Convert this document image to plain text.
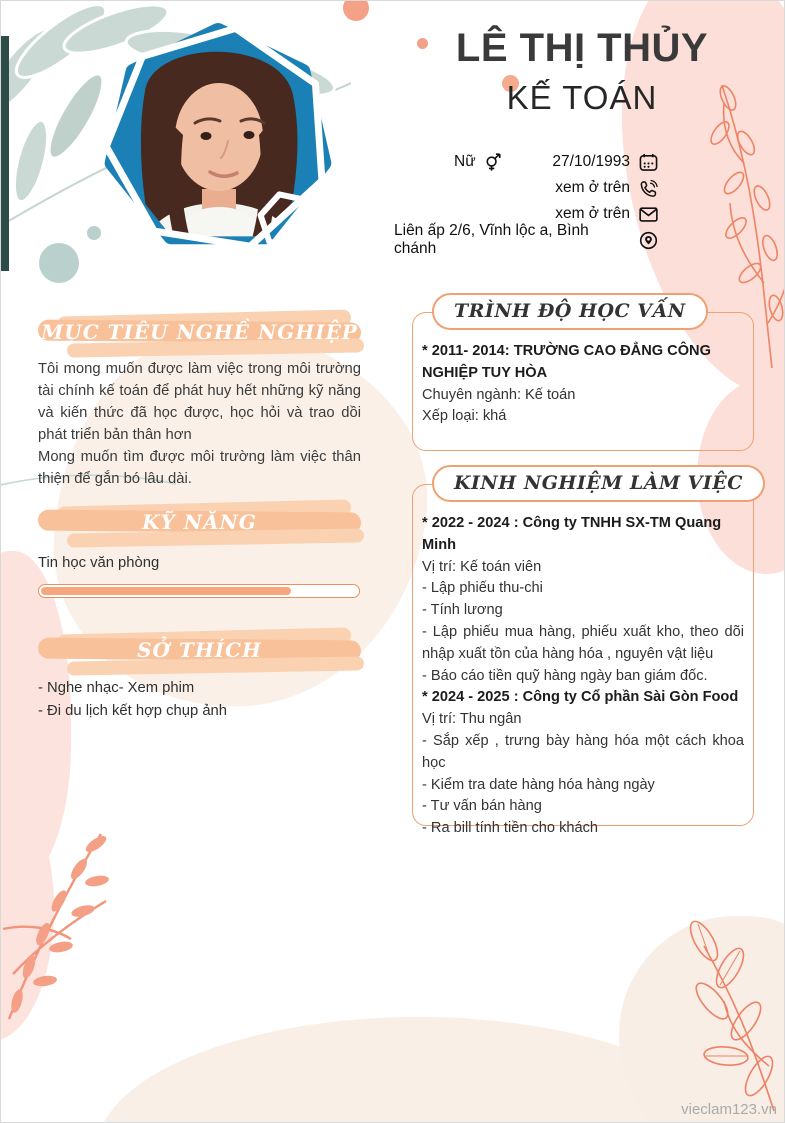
LÊ THỊ THỦY
KẾ TOÁN
Nữ	27/10/1993
xem ở trên
xem ở trên
Liên ấp 2/6, Vĩnh lộc a, Bình chánh
MỤC TIÊU NGHỀ NGHIỆP

Tôi mong muốn được làm việc trong môi trường tài chính kế toán để phát huy hết những kỹ năng và kiến thức đã học được, học hỏi và trao dồi phát triển bản thân hơn

Mong muốn tìm được môi trường làm việc thân thiện để gắn bó lâu dài.

KỸ NĂNG
Tin học văn phòng
SỞ THÍCH
- Nghe nhạc- Xem phim
- Đi du lịch kết hợp chụp ảnh
TRÌNH ĐỘ HỌC VẤN
* 2011- 2014: TRƯỜNG CAO ĐẲNG CÔNG NGHIỆP TUY HÒA
Chuyên ngành: Kế toán
Xếp loại: khá
KINH NGHIỆM LÀM VIỆC
* 2022 - 2024 : Công ty TNHH SX-TM Quang Minh
Vị trí: Kế toán viên
- Lập phiếu thu-chi
- Tính lương
- Lập phiếu mua hàng, phiếu xuất kho, theo dõi nhập xuất tồn của hàng hóa , nguyên vật liệu
- Báo cáo tiền quỹ hàng ngày ban giám đốc.
* 2024 - 2025 : Công ty Cổ phần Sài Gòn Food
Vị trí: Thu ngân
- Sắp xếp , trưng bày hàng hóa một cách khoa học
- Kiểm tra date hàng hóa hàng ngày
- Tư vấn bán hàng
- Ra bill tính tiền cho khách
vieclam123.vn
